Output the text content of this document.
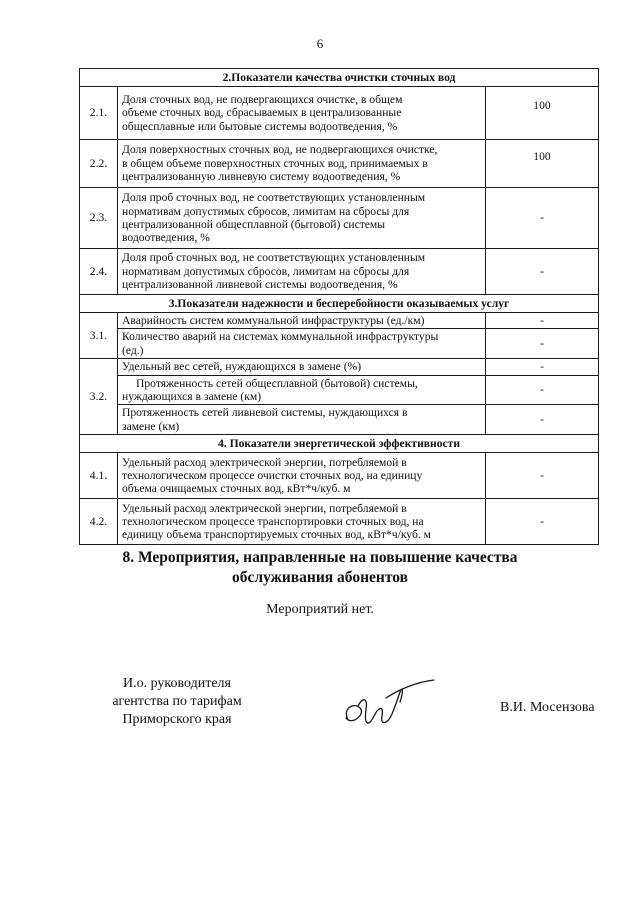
6
2.Показатели качества очистки сточных вод		
2.1.	Доля сточных вод, не подвергающихся очистке, в общем
объеме сточных вод, сбрасываемых в централизованные
общесплавные или бытовые системы водоотведения, %	100
2.2.	Доля поверхностных сточных вод, не подвергающихся очистке,
в общем объеме поверхностных сточных вод, принимаемых в
централизованную ливневую систему водоотведения, %	100
2.3.	Доля проб сточных вод, не соответствующих установленным
нормативам допустимых сбросов, лимитам на сбросы для
централизованной общесплавной (бытовой) системы
водоотведения, %	-
2.4.	Доля проб сточных вод, не соответствующих установленным
нормативам допустимых сбросов, лимитам на сбросы для
централизованной ливневой системы водоотведения, %	-
3.Показатели надежности и бесперебойности оказываемых услуг		
3.1.	Аварийность систем коммунальной инфраструктуры (ед./км)	-

	Количество аварий на системах коммунальной инфраструктуры
(ед.)	-
3.2.	Удельный вес сетей, нуждающихся в замене (%)	-

	Протяженность сетей общесплавной (бытовой) системы,
нуждающихся в замене (км)	-

	Протяженность сетей ливневой системы, нуждающихся в
замене (км)	-
4. Показатели энергетической эффективности		
4.1.	Удельный расход электрической энергии, потребляемой в
технологическом процессе очистки сточных вод, на единицу
объема очищаемых сточных вод, кВт*ч/куб. м	-
4.2.	Удельный расход электрической энергии, потребляемой в
технологическом процессе транспортировки сточных вод, на
единицу объема транспортируемых сточных вод, кВт*ч/куб. м	-
8. Мероприятия, направленные на повышение качества
обслуживания абонентов
Мероприятий нет.
И.о. руководителя
агентства по тарифам
Приморского края
В.И. Мосензова
